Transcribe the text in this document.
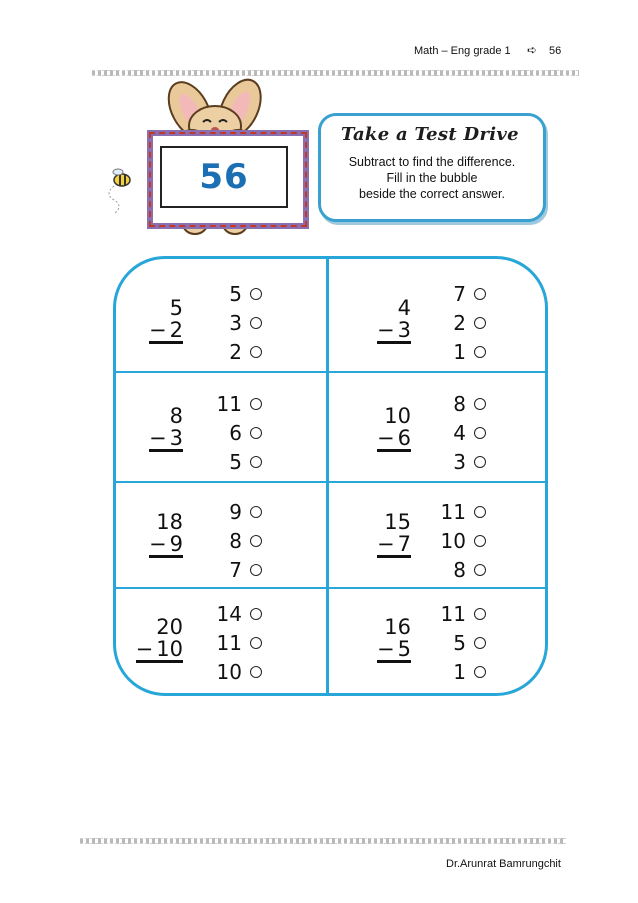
Math – Eng grade 1 ➪ 56
56
Take a Test Drive
Subtract to find the difference.
Fill in the bubble
beside the correct answer.
5
− 2
5
3
2
4
− 3
7
2
1
8
− 3
11
6
5
10
− 6
8
4
3
18
− 9
9
8
7
15
− 7
11
10
8
20
− 10
14
11
10
16
− 5
11
5
1
Dr.Arunrat Bamrungchit
